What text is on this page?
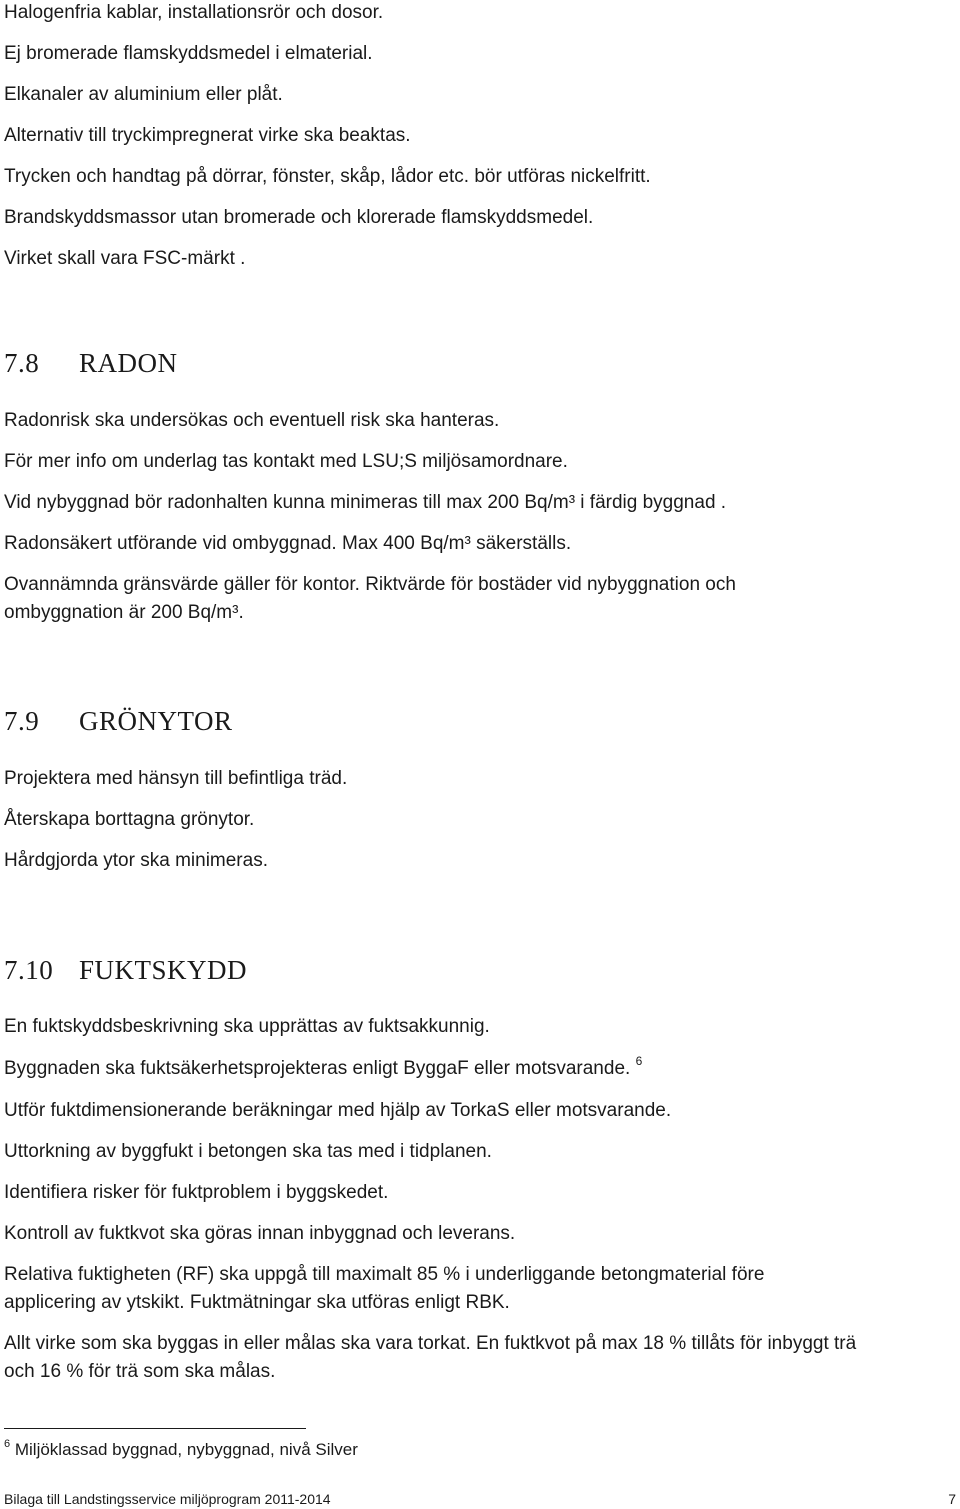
Halogenfria kablar, installationsrör och dosor.
Ej bromerade flamskyddsmedel i elmaterial.
Elkanaler av aluminium eller plåt.
Alternativ till tryckimpregnerat virke ska beaktas.
Trycken och handtag på dörrar, fönster, skåp, lådor etc. bör utföras nickelfritt.
Brandskyddsmassor utan bromerade och klorerade flamskyddsmedel.
Virket skall vara FSC-märkt .
7.8 RADON
Radonrisk ska undersökas och eventuell risk ska hanteras.
För mer info om underlag tas kontakt med LSU;S miljösamordnare.
Vid nybyggnad bör radonhalten kunna minimeras till max 200 Bq/m³ i färdig byggnad .
Radonsäkert utförande vid ombyggnad. Max 400 Bq/m³ säkerställs.
Ovannämnda gränsvärde gäller för kontor. Riktvärde för bostäder vid nybyggnation och
ombyggnation är 200 Bq/m³.
7.9 GRÖNYTOR
Projektera med hänsyn till befintliga träd.
Återskapa borttagna grönytor.
Hårdgjorda ytor ska minimeras.
7.10 FUKTSKYDD
En fuktskyddsbeskrivning ska upprättas av fuktsakkunnig.
Byggnaden ska fuktsäkerhetsprojekteras enligt ByggaF eller motsvarande. $^6$
Utför fuktdimensionerande beräkningar med hjälp av TorkaS eller motsvarande.
Uttorkning av byggfukt i betongen ska tas med i tidplanen.
Identifiera risker för fuktproblem i byggskedet.
Kontroll av fuktkvot ska göras innan inbyggnad och leverans.
Relativa fuktigheten (RF) ska uppgå till maximalt 85 % i underliggande betongmaterial före
applicering av ytskikt. Fuktmätningar ska utföras enligt RBK.
Allt virke som ska byggas in eller målas ska vara torkat. En fuktkvot på max 18 % tillåts för inbyggt trä
och 16 % för trä som ska målas.
$^6$ Miljöklassad byggnad, nybyggnad, nivå Silver
Bilaga till Landstingsservice miljöprogram 2011-2014	7
